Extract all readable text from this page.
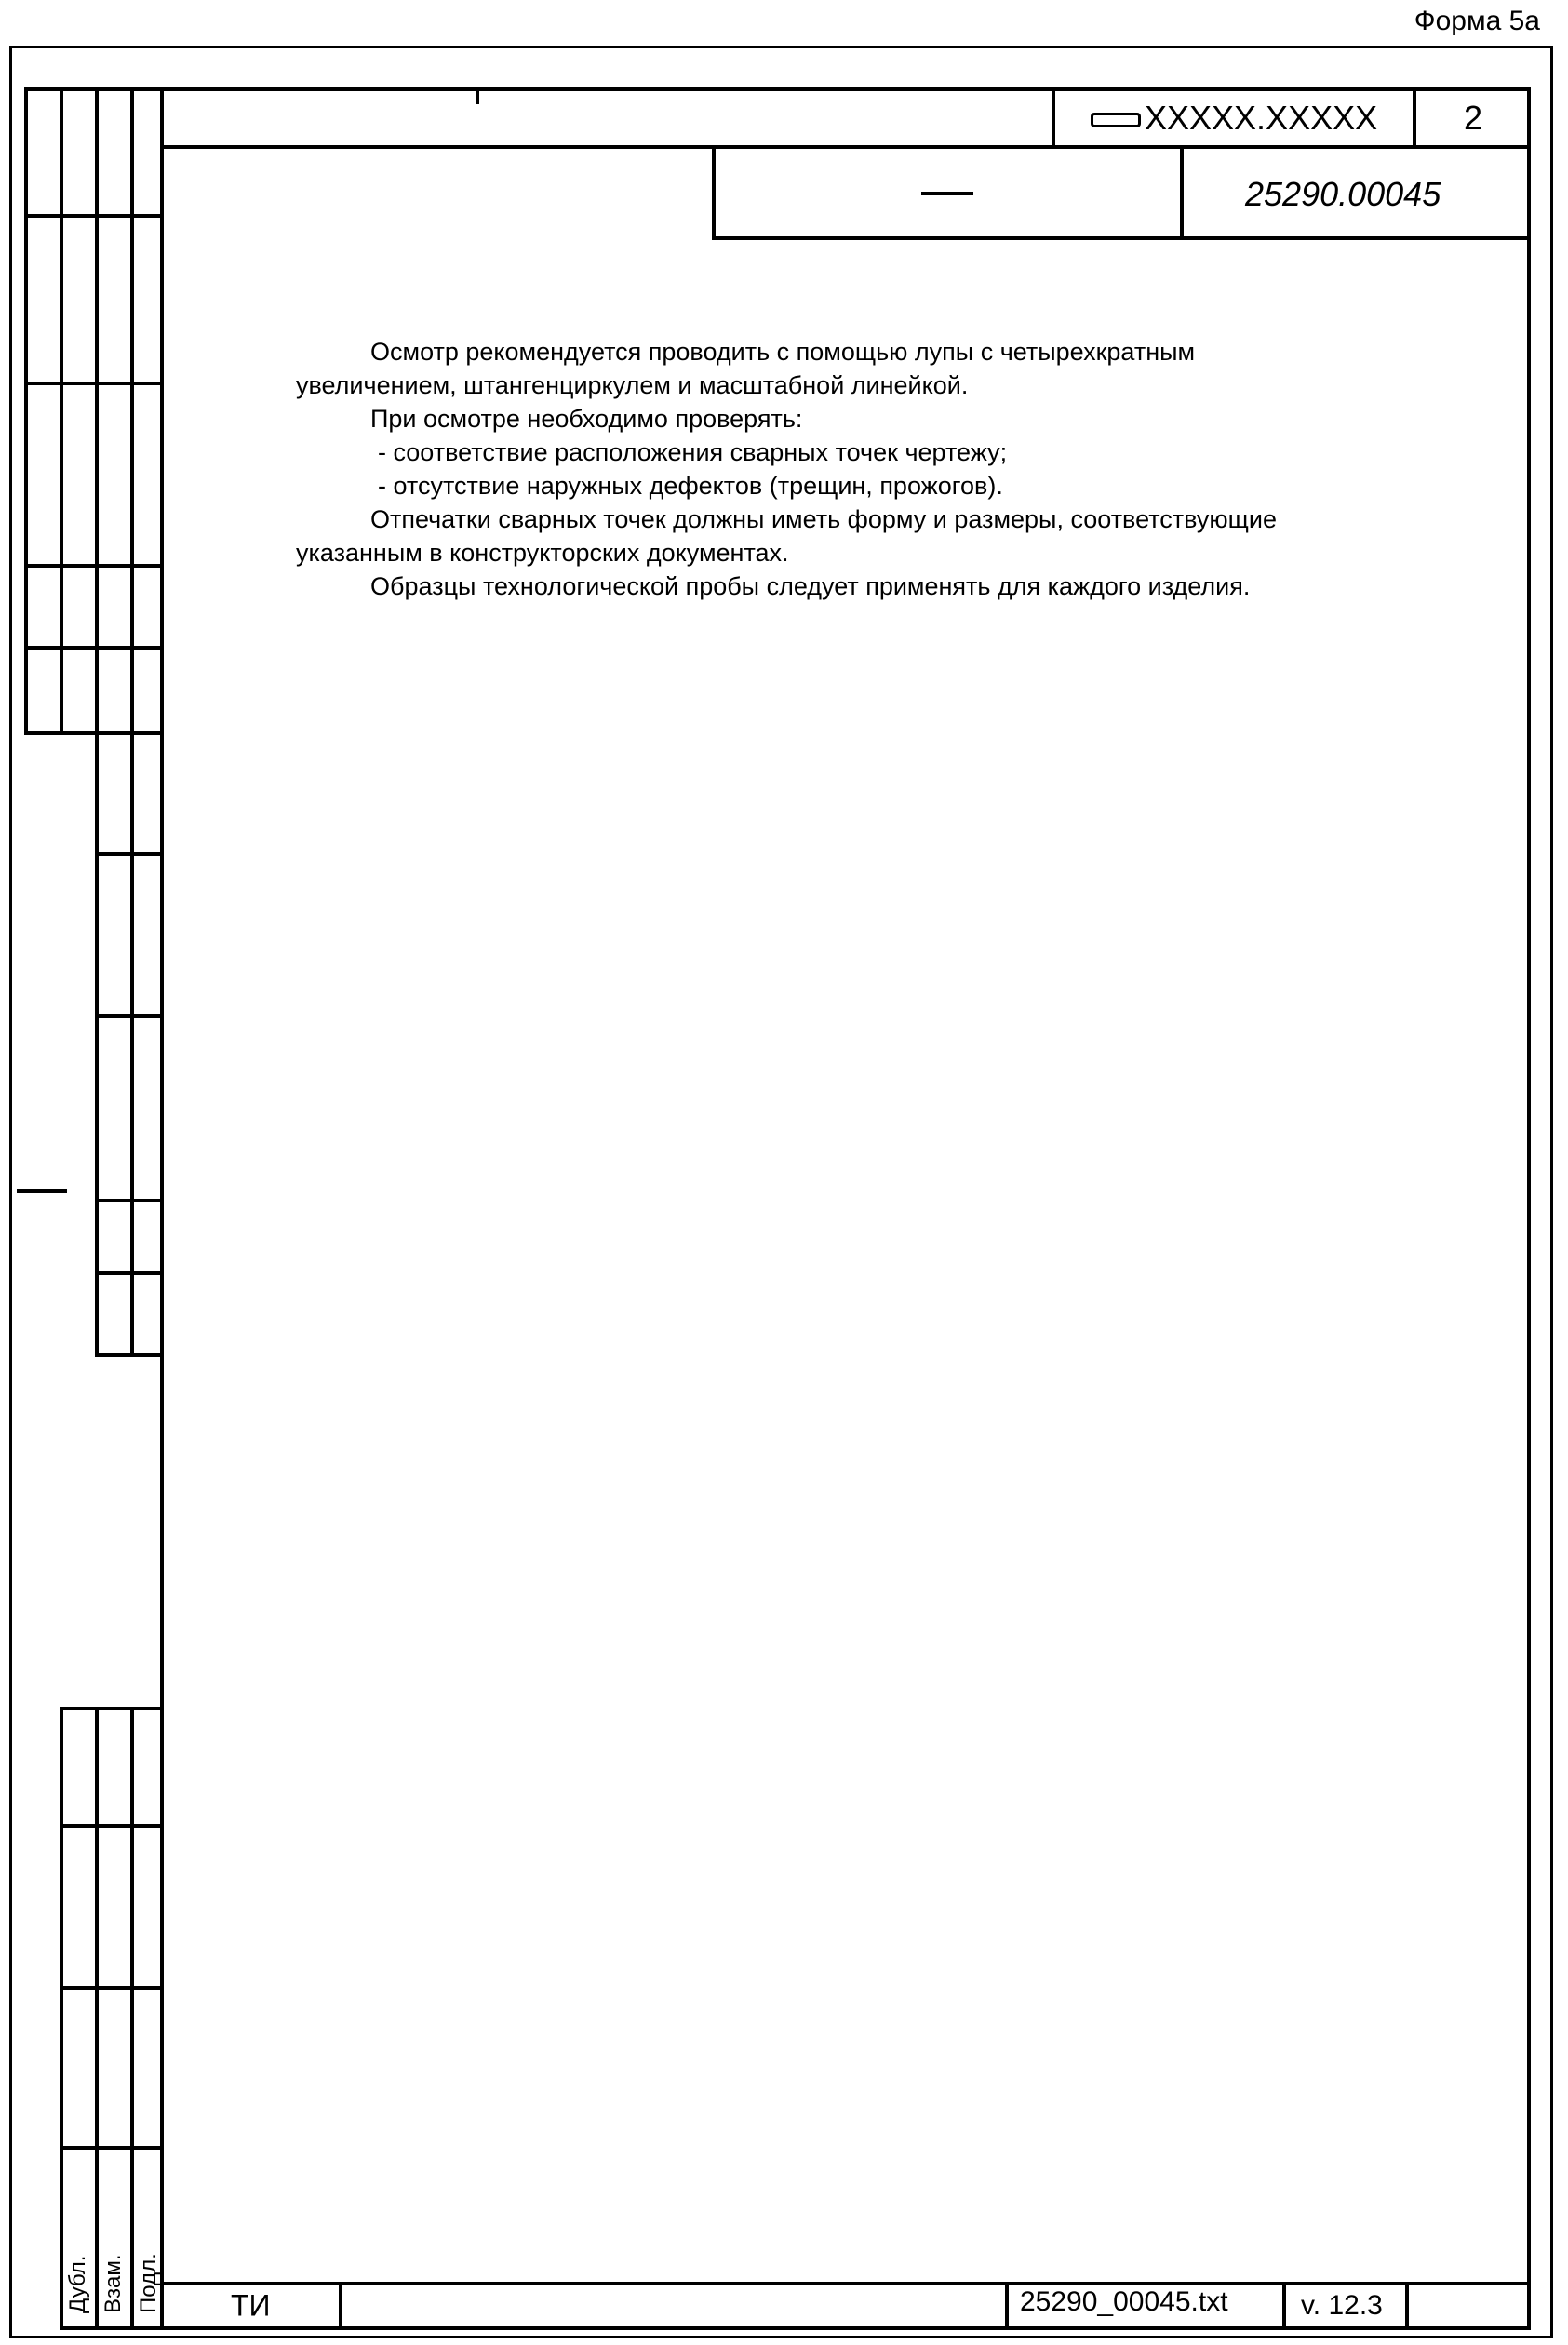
Форма 5а
XXXXX.XXXXX	2
25290.00045

Осмотр рекомендуется проводить с помощью лупы с четырехкратным

увеличением, штангенциркулем и масштабной линейкой.

При осмотре необходимо проверять:

- соответствие расположения сварных точек чертежу;

- отсутствие наружных дефектов (трещин, прожогов).

Отпечатки сварных точек должны иметь форму и размеры, соответствующие

указанным в конструкторских документах.

Образцы технологической пробы следует применять для каждого изделия.

Дубл. Взам. Подл. ТИ	25290_00045.txt	v. 12.3
